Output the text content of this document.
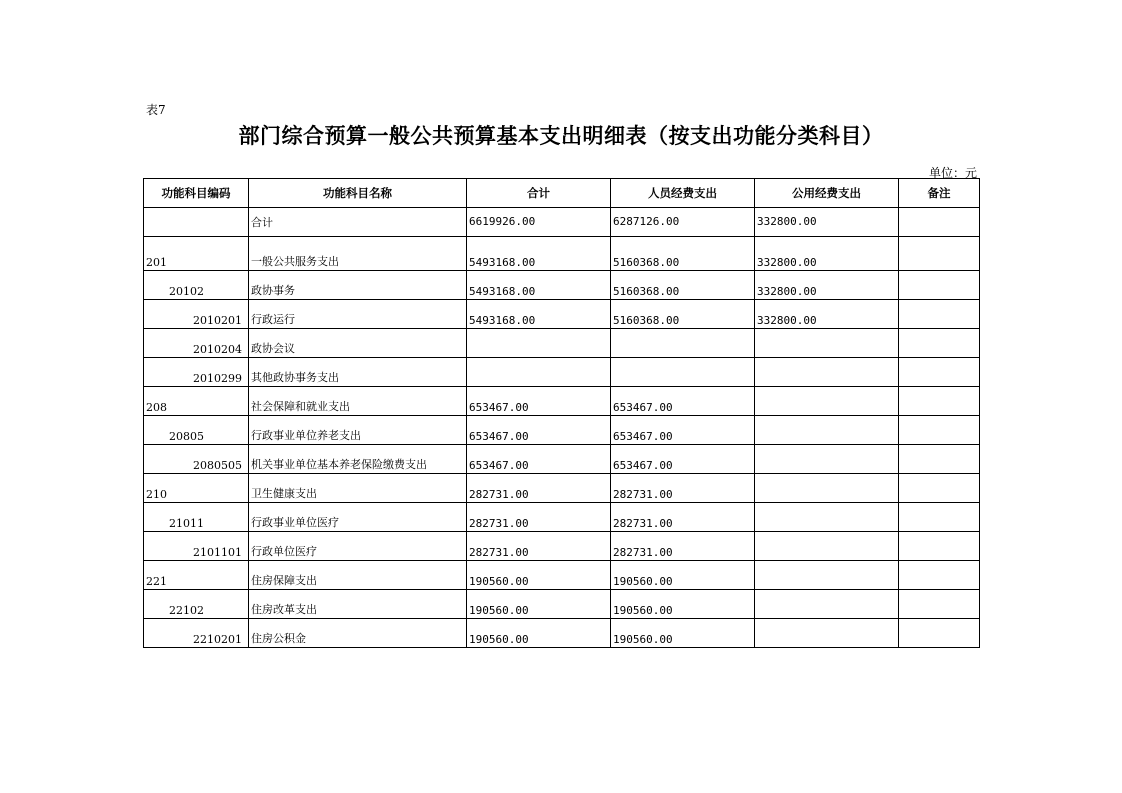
表7
部门综合预算一般公共预算基本支出明细表（按支出功能分类科目）
单位：元
功能科目编码	功能科目名称	合计	人员经费支出	公用经费支出	备注
	合计	6619926.00	6287126.00	332800.00	
201	一般公共服务支出	5493168.00	5160368.00	332800.00	
20102	政协事务	5493168.00	5160368.00	332800.00	
2010201	行政运行	5493168.00	5160368.00	332800.00	
2010204	政协会议				
2010299	其他政协事务支出				
208	社会保障和就业支出	653467.00	653467.00		
20805	行政事业单位养老支出	653467.00	653467.00		
2080505	机关事业单位基本养老保险缴费支出	653467.00	653467.00		
210	卫生健康支出	282731.00	282731.00		
21011	行政事业单位医疗	282731.00	282731.00		
2101101	行政单位医疗	282731.00	282731.00		
221	住房保障支出	190560.00	190560.00		
22102	住房改革支出	190560.00	190560.00		
2210201	住房公积金	190560.00	190560.00		
